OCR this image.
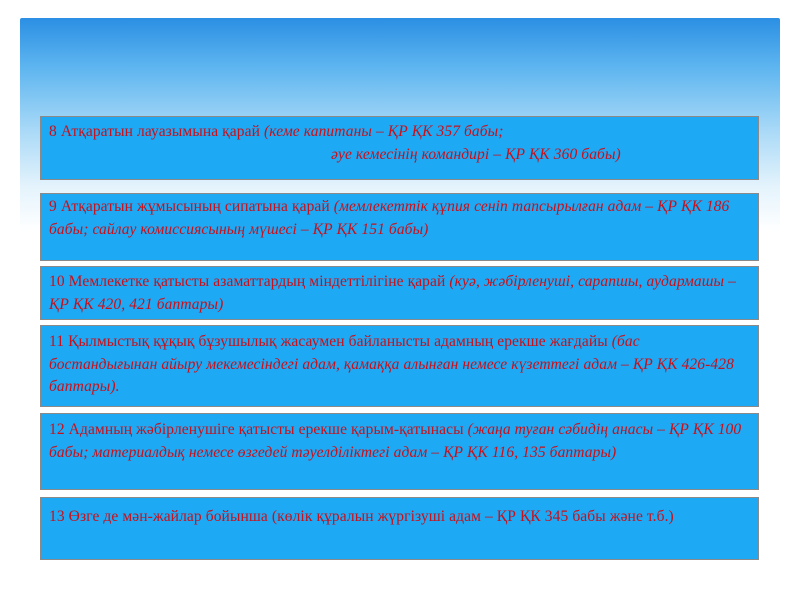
8 Атқаратын лауазымына қарай (кеме капитаны – ҚР ҚК 357 бабы;
әуе кемесінің командирі – ҚР ҚК 360 бабы)
9 Атқаратын жұмысының сипатына қарай (мемлекеттік құпия сеніп тапсырылған адам – ҚР ҚК 186 бабы; сайлау комиссиясының мүшесі – ҚР ҚК 151 бабы)
10 Мемлекетке қатысты азаматтардың міндеттілігіне қарай (куә, жәбірленуші, сарапшы, аудармашы – ҚР ҚК 420, 421 баптары)
11 Қылмыстық құқық бұзушылық жасаумен байланысты адамның ерекше жағдайы (бас бостандығынан айыру мекемесіндегі адам, қамаққа алынған немесе күзеттегі адам – ҚР ҚК 426-428 баптары).
12 Адамның жәбірленушіге қатысты ерекше қарым-қатынасы (жаңа туған сәбидің анасы – ҚР ҚК 100 бабы; материалдық немесе өзгедей тәуелділіктегі адам – ҚР ҚК 116, 135 баптары)
13 Өзге де мән-жайлар бойынша (көлік құралын жүргізуші адам – ҚР ҚК 345 бабы және т.б.)
